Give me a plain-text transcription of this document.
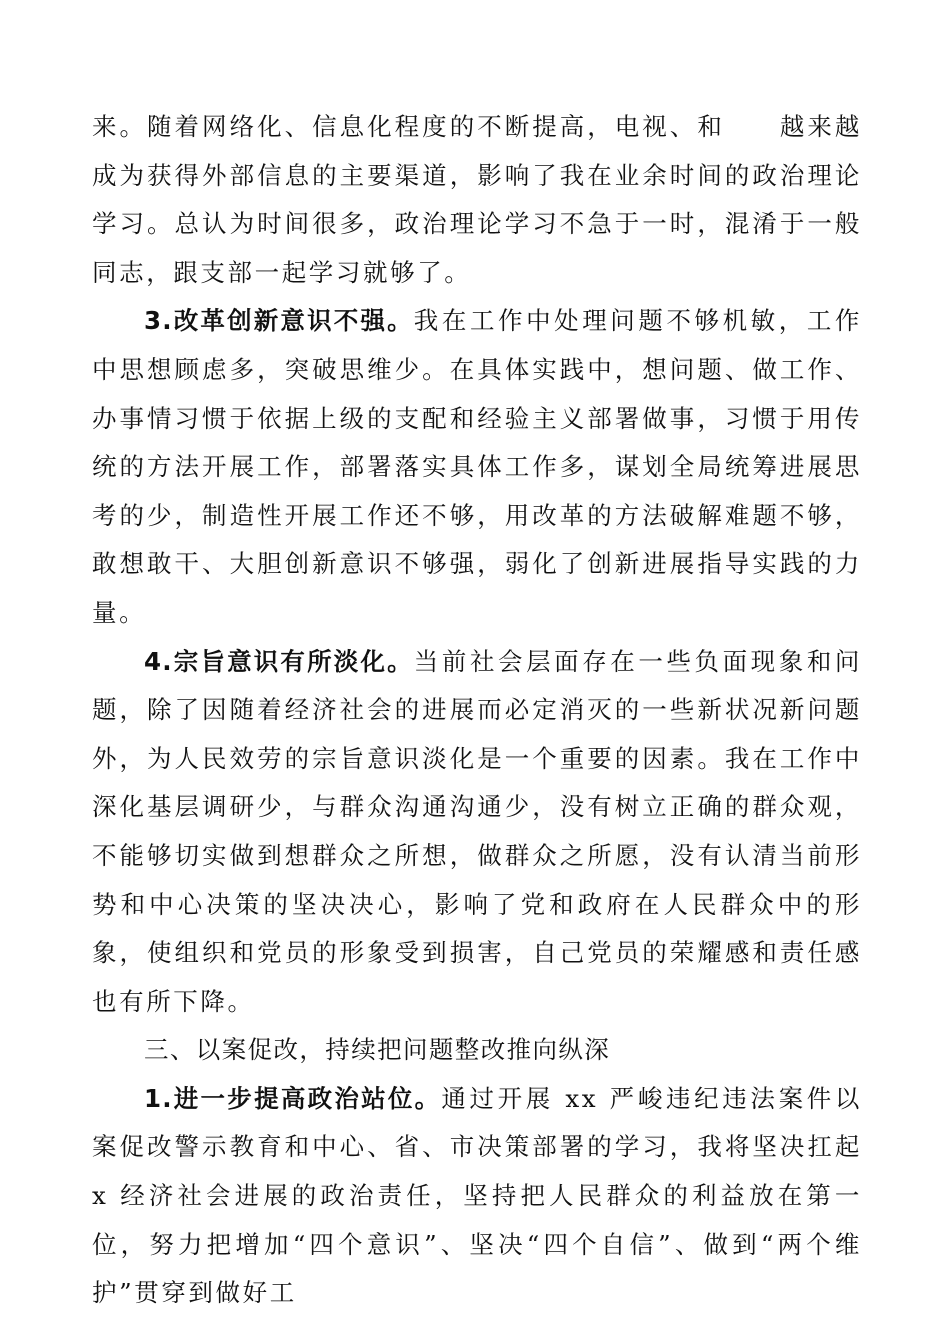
来。随着网络化、信息化程度的不断提高，电视、和　　越来越成为获得外部信息的主要渠道，影响了我在业余时间的政治理论学习。总认为时间很多，政治理论学习不急于一时，混淆于一般同志，跟支部一起学习就够了。

3.改革创新意识不强。我在工作中处理问题不够机敏，工作中思想顾虑多，突破思维少。在具体实践中，想问题、做工作、办事情习惯于依据上级的支配和经验主义部署做事，习惯于用传统的方法开展工作，部署落实具体工作多，谋划全局统筹进展思考的少，制造性开展工作还不够，用改革的方法破解难题不够，敢想敢干、大胆创新意识不够强，弱化了创新进展指导实践的力量。

4.宗旨意识有所淡化。当前社会层面存在一些负面现象和问题，除了因随着经济社会的进展而必定消灭的一些新状况新问题外，为人民效劳的宗旨意识淡化是一个重要的因素。我在工作中深化基层调研少，与群众沟通沟通少，没有树立正确的群众观，不能够切实做到想群众之所想，做群众之所愿，没有认清当前形势和中心决策的坚决决心，影响了党和政府在人民群众中的形象，使组织和党员的形象受到损害，自己党员的荣耀感和责任感也有所下降。

三、以案促改，持续把问题整改推向纵深

1.进一步提高政治站位。通过开展 xx 严峻违纪违法案件以案促改警示教育和中心、省、市决策部署的学习，我将坚决扛起 x 经济社会进展的政治责任，坚持把人民群众的利益放在第一位，努力把增加“四个意识”、坚决“四个自信”、做到“两个维护”贯穿到做好工
